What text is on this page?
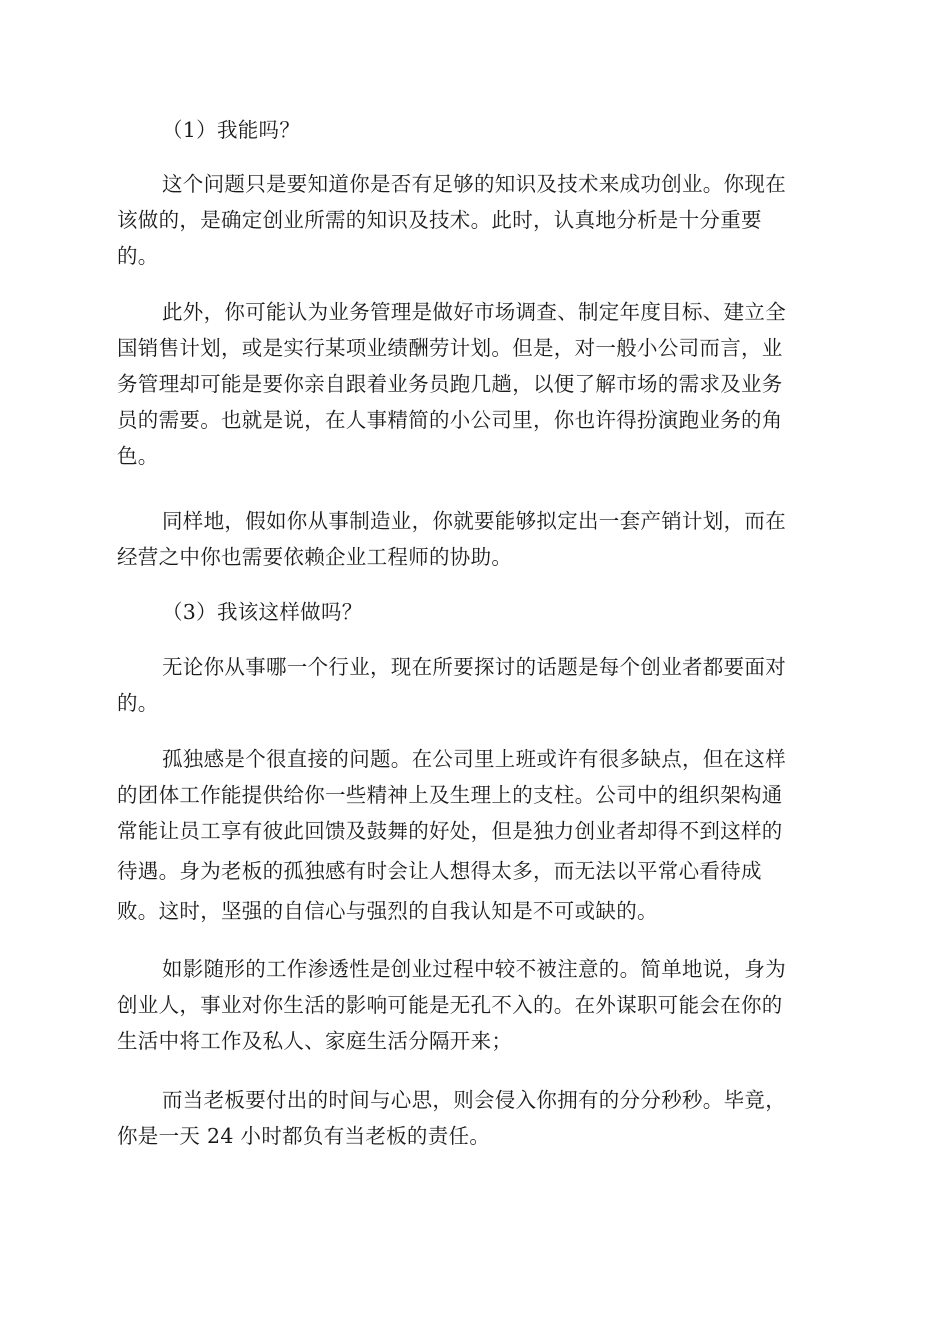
（1）我能吗？
这个问题只是要知道你是否有足够的知识及技术来成功创业。你现在
该做的，是确定创业所需的知识及技术。此时，认真地分析是十分重要
的。
此外，你可能认为业务管理是做好市场调查、制定年度目标、建立全
国销售计划，或是实行某项业绩酬劳计划。但是，对一般小公司而言，业
务管理却可能是要你亲自跟着业务员跑几趟，以便了解市场的需求及业务
员的需要。也就是说，在人事精简的小公司里，你也许得扮演跑业务的角
色。
同样地，假如你从事制造业，你就要能够拟定出一套产销计划，而在
经营之中你也需要依赖企业工程师的协助。
（3）我该这样做吗？
无论你从事哪一个行业，现在所要探讨的话题是每个创业者都要面对
的。
孤独感是个很直接的问题。在公司里上班或许有很多缺点，但在这样
的团体工作能提供给你一些精神上及生理上的支柱。公司中的组织架构通
常能让员工享有彼此回馈及鼓舞的好处，但是独力创业者却得不到这样的
待遇。身为老板的孤独感有时会让人想得太多，而无法以平常心看待成
败。这时，坚强的自信心与强烈的自我认知是不可或缺的。
如影随形的工作渗透性是创业过程中较不被注意的。简单地说，身为
创业人，事业对你生活的影响可能是无孔不入的。在外谋职可能会在你的
生活中将工作及私人、家庭生活分隔开来；
而当老板要付出的时间与心思，则会侵入你拥有的分分秒秒。毕竟，
你是一天 24 小时都负有当老板的责任。
